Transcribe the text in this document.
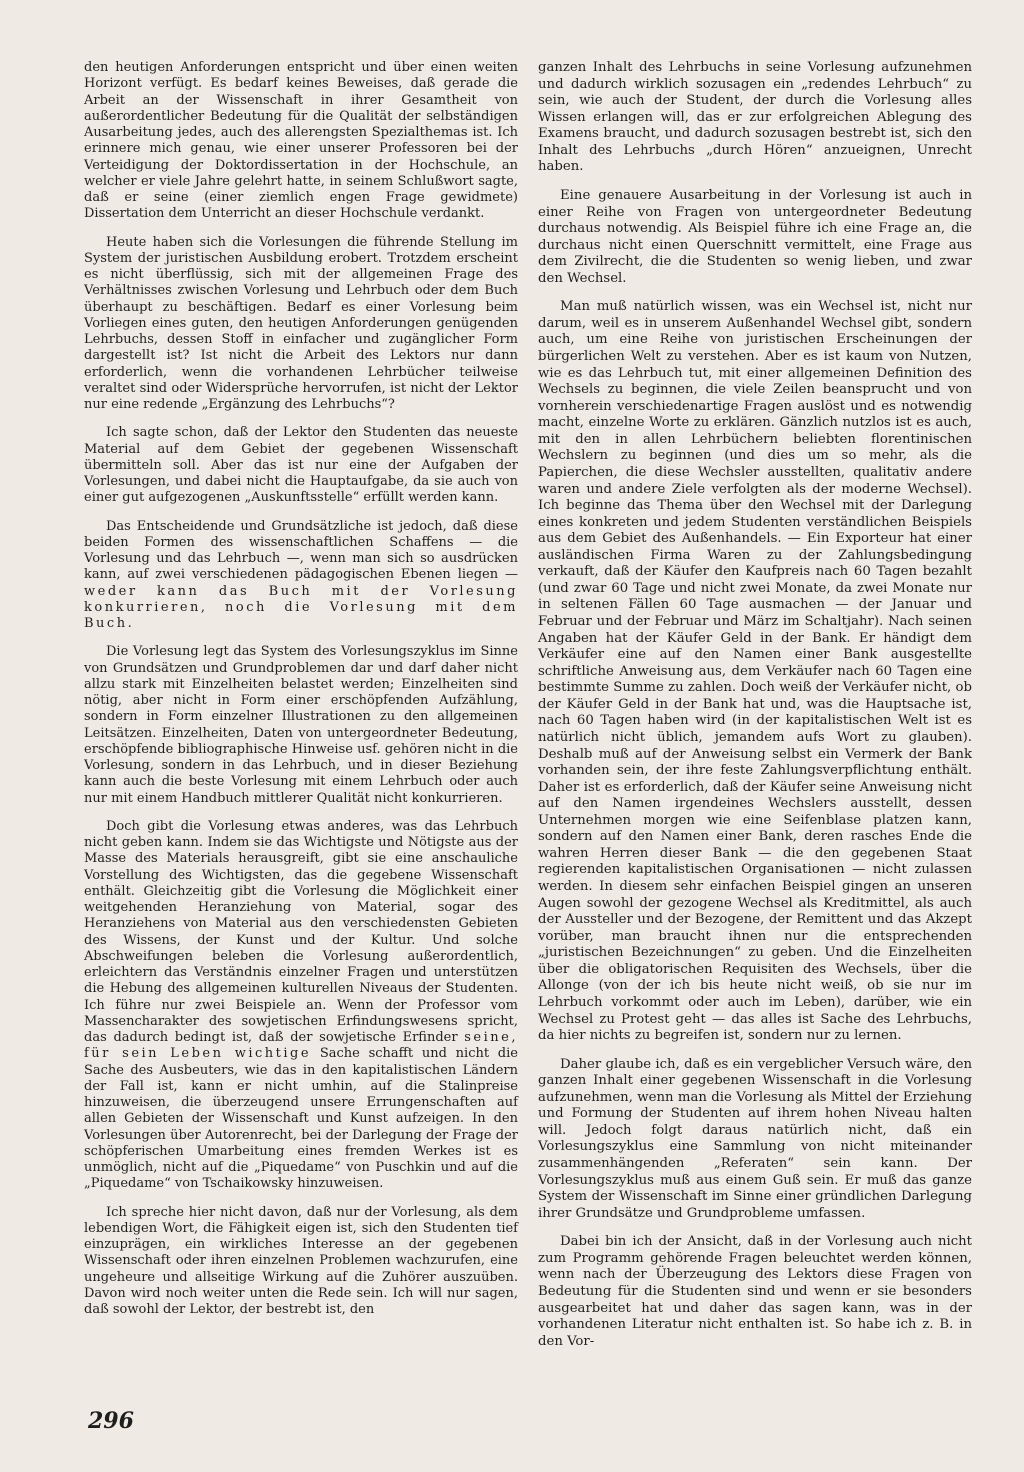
den heutigen Anforderungen entspricht und über einen weiten Horizont verfügt. Es bedarf keines Beweises, daß gerade die Arbeit an der Wissenschaft in ihrer Gesamtheit von außerordentlicher Bedeutung für die Qualität der selbständigen Ausarbeitung jedes, auch des allerengsten Spezialthemas ist. Ich erinnere mich genau, wie einer unserer Professoren bei der Verteidigung der Doktordissertation in der Hochschule, an welcher er viele Jahre gelehrt hatte, in seinem Schlußwort sagte, daß er seine (einer ziemlich engen Frage gewidmete) Dissertation dem Unterricht an dieser Hochschule verdankt.

Heute haben sich die Vorlesungen die führende Stellung im System der juristischen Ausbildung erobert. Trotzdem erscheint es nicht überflüssig, sich mit der allgemeinen Frage des Verhältnisses zwischen Vorlesung und Lehrbuch oder dem Buch überhaupt zu beschäftigen. Bedarf es einer Vorlesung beim Vorliegen eines guten, den heutigen Anforderungen genügenden Lehrbuchs, dessen Stoff in einfacher und zugänglicher Form dargestellt ist? Ist nicht die Arbeit des Lektors nur dann erforderlich, wenn die vorhandenen Lehrbücher teilweise veraltet sind oder Widersprüche hervorrufen, ist nicht der Lektor nur eine redende „Ergänzung des Lehrbuchs“?

Ich sagte schon, daß der Lektor den Studenten das neueste Material auf dem Gebiet der gegebenen Wissenschaft übermitteln soll. Aber das ist nur eine der Aufgaben der Vorlesungen, und dabei nicht die Hauptaufgabe, da sie auch von einer gut aufgezogenen „Auskunftsstelle“ erfüllt werden kann.

Das Entscheidende und Grundsätzliche ist jedoch, daß diese beiden Formen des wissenschaftlichen Schaffens — die Vorlesung und das Lehrbuch —, wenn man sich so ausdrücken kann, auf zwei verschiedenen pädagogischen Ebenen liegen — weder kann das Buch mit der Vorlesung konkurrieren, noch die Vorlesung mit dem Buch.

Die Vorlesung legt das System des Vorlesungszyklus im Sinne von Grundsätzen und Grundproblemen dar und darf daher nicht allzu stark mit Einzelheiten belastet werden; Einzelheiten sind nötig, aber nicht in Form einer erschöpfenden Aufzählung, sondern in Form einzelner Illustrationen zu den allgemeinen Leitsätzen. Einzelheiten, Daten von untergeordneter Bedeutung, erschöpfende bibliographische Hinweise usf. gehören nicht in die Vorlesung, sondern in das Lehrbuch, und in dieser Beziehung kann auch die beste Vorlesung mit einem Lehrbuch oder auch nur mit einem Handbuch mittlerer Qualität nicht konkurrieren.

Doch gibt die Vorlesung etwas anderes, was das Lehrbuch nicht geben kann. Indem sie das Wichtigste und Nötigste aus der Masse des Materials herausgreift, gibt sie eine anschauliche Vorstellung des Wichtigsten, das die gegebene Wissenschaft enthält. Gleichzeitig gibt die Vorlesung die Möglichkeit einer weitgehenden Heranziehung von Material, sogar des Heranziehens von Material aus den verschiedensten Gebieten des Wissens, der Kunst und der Kultur. Und solche Abschweifungen beleben die Vorlesung außerordentlich, erleichtern das Verständnis einzelner Fragen und unterstützen die Hebung des allgemeinen kulturellen Niveaus der Studenten. Ich führe nur zwei Beispiele an. Wenn der Professor vom Massencharakter des sowjetischen Erfindungswesens spricht, das dadurch bedingt ist, daß der sowjetische Erfinder seine, für sein Leben wichtige Sache schafft und nicht die Sache des Ausbeuters, wie das in den kapitalistischen Ländern der Fall ist, kann er nicht umhin, auf die Stalinpreise hinzuweisen, die überzeugend unsere Errungenschaften auf allen Gebieten der Wissenschaft und Kunst aufzeigen. In den Vorlesungen über Autorenrecht, bei der Darlegung der Frage der schöpferischen Umarbeitung eines fremden Werkes ist es unmöglich, nicht auf die „Piquedame“ von Puschkin und auf die „Piquedame“ von Tschaikowsky hinzuweisen.

Ich spreche hier nicht davon, daß nur der Vorlesung, als dem lebendigen Wort, die Fähigkeit eigen ist, sich den Studenten tief einzuprägen, ein wirkliches Interesse an der gegebenen Wissenschaft oder ihren einzelnen Problemen wachzurufen, eine ungeheure und allseitige Wirkung auf die Zuhörer auszuüben. Davon wird noch weiter unten die Rede sein. Ich will nur sagen, daß sowohl der Lektor, der bestrebt ist, den

ganzen Inhalt des Lehrbuchs in seine Vorlesung aufzunehmen und dadurch wirklich sozusagen ein „redendes Lehrbuch“ zu sein, wie auch der Student, der durch die Vorlesung alles Wissen erlangen will, das er zur erfolgreichen Ablegung des Examens braucht, und dadurch sozusagen bestrebt ist, sich den Inhalt des Lehrbuchs „durch Hören“ anzueignen, Unrecht haben.

Eine genauere Ausarbeitung in der Vorlesung ist auch in einer Reihe von Fragen von untergeordneter Bedeutung durchaus notwendig. Als Beispiel führe ich eine Frage an, die durchaus nicht einen Querschnitt vermittelt, eine Frage aus dem Zivilrecht, die die Studenten so wenig lieben, und zwar den Wechsel.

Man muß natürlich wissen, was ein Wechsel ist, nicht nur darum, weil es in unserem Außenhandel Wechsel gibt, sondern auch, um eine Reihe von juristischen Erscheinungen der bürgerlichen Welt zu verstehen. Aber es ist kaum von Nutzen, wie es das Lehrbuch tut, mit einer allgemeinen Definition des Wechsels zu beginnen, die viele Zeilen beansprucht und von vornherein verschiedenartige Fragen auslöst und es notwendig macht, einzelne Worte zu erklären. Gänzlich nutzlos ist es auch, mit den in allen Lehrbüchern beliebten florentinischen Wechslern zu beginnen (und dies um so mehr, als die Papierchen, die diese Wechsler ausstellten, qualitativ andere waren und andere Ziele verfolgten als der moderne Wechsel). Ich beginne das Thema über den Wechsel mit der Darlegung eines konkreten und jedem Studenten verständlichen Beispiels aus dem Gebiet des Außenhandels. — Ein Exporteur hat einer ausländischen Firma Waren zu der Zahlungsbedingung verkauft, daß der Käufer den Kaufpreis nach 60 Tagen bezahlt (und zwar 60 Tage und nicht zwei Monate, da zwei Monate nur in seltenen Fällen 60 Tage ausmachen — der Januar und Februar und der Februar und März im Schaltjahr). Nach seinen Angaben hat der Käufer Geld in der Bank. Er händigt dem Verkäufer eine auf den Namen einer Bank ausgestellte schriftliche Anweisung aus, dem Verkäufer nach 60 Tagen eine bestimmte Summe zu zahlen. Doch weiß der Verkäufer nicht, ob der Käufer Geld in der Bank hat und, was die Hauptsache ist, nach 60 Tagen haben wird (in der kapitalistischen Welt ist es natürlich nicht üblich, jemandem aufs Wort zu glauben). Deshalb muß auf der Anweisung selbst ein Vermerk der Bank vorhanden sein, der ihre feste Zahlungsverpflichtung enthält. Daher ist es erforderlich, daß der Käufer seine Anweisung nicht auf den Namen irgendeines Wechslers ausstellt, dessen Unternehmen morgen wie eine Seifenblase platzen kann, sondern auf den Namen einer Bank, deren rasches Ende die wahren Herren dieser Bank — die den gegebenen Staat regierenden kapitalistischen Organisationen — nicht zulassen werden. In diesem sehr einfachen Beispiel gingen an unseren Augen sowohl der gezogene Wechsel als Kreditmittel, als auch der Aussteller und der Bezogene, der Remittent und das Akzept vorüber, man braucht ihnen nur die entsprechenden „juristischen Bezeichnungen“ zu geben. Und die Einzelheiten über die obligatorischen Requisiten des Wechsels, über die Allonge (von der ich bis heute nicht weiß, ob sie nur im Lehrbuch vorkommt oder auch im Leben), darüber, wie ein Wechsel zu Protest geht — das alles ist Sache des Lehrbuchs, da hier nichts zu begreifen ist, sondern nur zu lernen.

Daher glaube ich, daß es ein vergeblicher Versuch wäre, den ganzen Inhalt einer gegebenen Wissenschaft in die Vorlesung aufzunehmen, wenn man die Vorlesung als Mittel der Erziehung und Formung der Studenten auf ihrem hohen Niveau halten will. Jedoch folgt daraus natürlich nicht, daß ein Vorlesungszyklus eine Sammlung von nicht miteinander zusammenhängenden „Referaten“ sein kann. Der Vorlesungszyklus muß aus einem Guß sein. Er muß das ganze System der Wissenschaft im Sinne einer gründlichen Darlegung ihrer Grundsätze und Grundprobleme umfassen.

Dabei bin ich der Ansicht, daß in der Vorlesung auch nicht zum Programm gehörende Fragen beleuchtet werden können, wenn nach der Überzeugung des Lektors diese Fragen von Bedeutung für die Studenten sind und wenn er sie besonders ausgearbeitet hat und daher das sagen kann, was in der vorhandenen Literatur nicht enthalten ist. So habe ich z. B. in den Vor-

296
